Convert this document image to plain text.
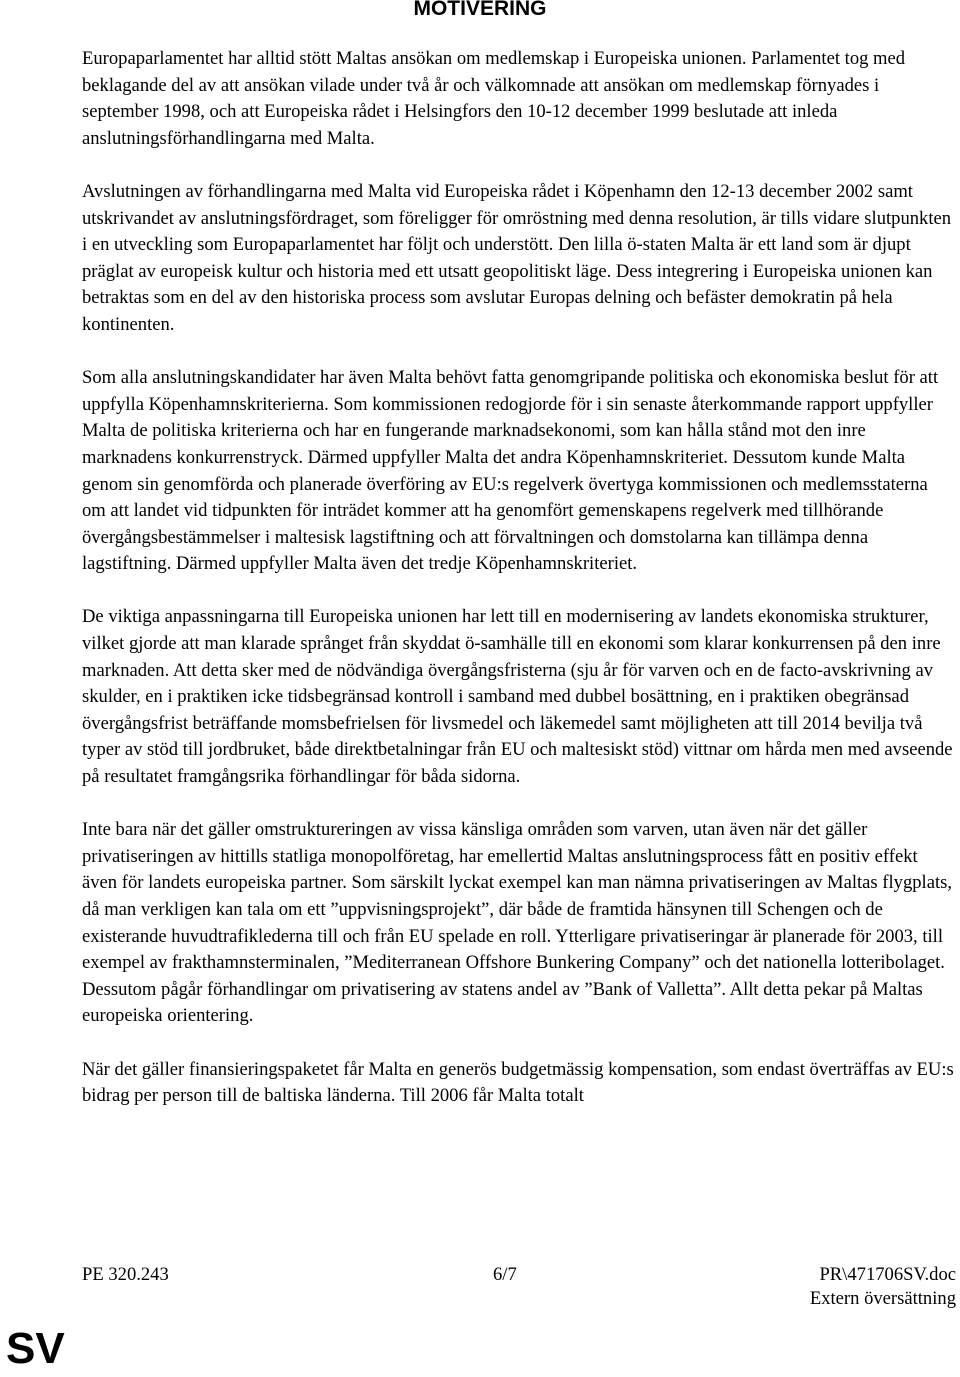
MOTIVERING

Europaparlamentet har alltid stött Maltas ansökan om medlemskap i Europeiska unionen. Parlamentet tog med beklagande del av att ansökan vilade under två år och välkomnade att ansökan om medlemskap förnyades i september 1998, och att Europeiska rådet i Helsingfors den 10-12 december 1999 beslutade att inleda anslutningsförhandlingarna med Malta.

Avslutningen av förhandlingarna med Malta vid Europeiska rådet i Köpenhamn den 12-13 december 2002 samt utskrivandet av anslutningsfördraget, som föreligger för omröstning med denna resolution, är tills vidare slutpunkten i en utveckling som Europaparlamentet har följt och understött. Den lilla ö-staten Malta är ett land som är djupt präglat av europeisk kultur och historia med ett utsatt geopolitiskt läge. Dess integrering i Europeiska unionen kan betraktas som en del av den historiska process som avslutar Europas delning och befäster demokratin på hela kontinenten.

Som alla anslutningskandidater har även Malta behövt fatta genomgripande politiska och ekonomiska beslut för att uppfylla Köpenhamnskriterierna. Som kommissionen redogjorde för i sin senaste återkommande rapport uppfyller Malta de politiska kriterierna och har en fungerande marknadsekonomi, som kan hålla stånd mot den inre marknadens konkurrenstryck. Därmed uppfyller Malta det andra Köpenhamnskriteriet. Dessutom kunde Malta genom sin genomförda och planerade överföring av EU:s regelverk övertyga kommissionen och medlemsstaterna om att landet vid tidpunkten för inträdet kommer att ha genomfört gemenskapens regelverk med tillhörande övergångsbestämmelser i maltesisk lagstiftning och att förvaltningen och domstolarna kan tillämpa denna lagstiftning. Därmed uppfyller Malta även det tredje Köpenhamnskriteriet.

De viktiga anpassningarna till Europeiska unionen har lett till en modernisering av landets ekonomiska strukturer, vilket gjorde att man klarade språnget från skyddat ö-samhälle till en ekonomi som klarar konkurrensen på den inre marknaden. Att detta sker med de nödvändiga övergångsfristerna (sju år för varven och en de facto-avskrivning av skulder, en i praktiken icke tidsbegränsad kontroll i samband med dubbel bosättning, en i praktiken obegränsad övergångsfrist beträffande momsbefrielsen för livsmedel och läkemedel samt möjligheten att till 2014 bevilja två typer av stöd till jordbruket, både direktbetalningar från EU och maltesiskt stöd) vittnar om hårda men med avseende på resultatet framgångsrika förhandlingar för båda sidorna.

Inte bara när det gäller omstruktureringen av vissa känsliga områden som varven, utan även när det gäller privatiseringen av hittills statliga monopolföretag, har emellertid Maltas anslutningsprocess fått en positiv effekt även för landets europeiska partner. Som särskilt lyckat exempel kan man nämna privatiseringen av Maltas flygplats, då man verkligen kan tala om ett ”uppvisningsprojekt”, där både de framtida hänsynen till Schengen och de existerande huvudtrafiklederna till och från EU spelade en roll. Ytterligare privatiseringar är planerade för 2003, till exempel av frakthamnsterminalen, ”Mediterranean Offshore Bunkering Company” och det nationella lotteribolaget. Dessutom pågår förhandlingar om privatisering av statens andel av ”Bank of Valletta”. Allt detta pekar på Maltas europeiska orientering.

När det gäller finansieringspaketet får Malta en generös budgetmässig kompensation, som endast överträffas av EU:s bidrag per person till de baltiska länderna. Till 2006 får Malta totalt

PE 320.243	6/7	PR\471706SV.doc
Extern översättning
SV
